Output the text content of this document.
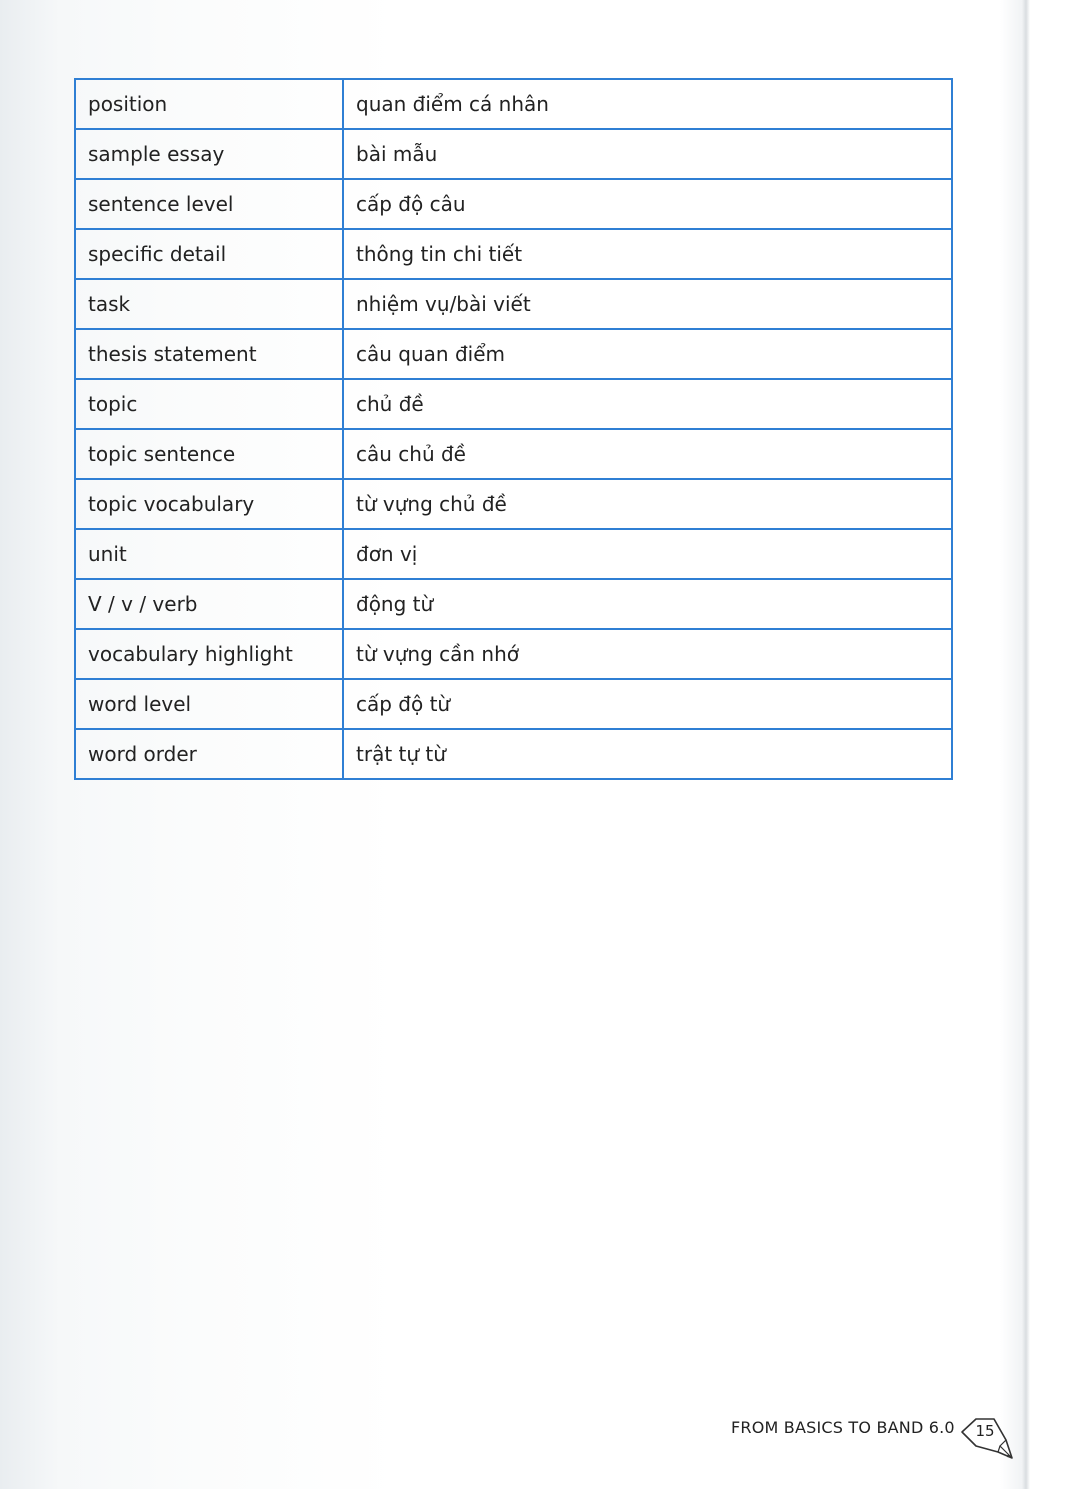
position	quan điểm cá nhân
sample essay	bài mẫu
sentence level	cấp độ câu
specific detail	thông tin chi tiết
task	nhiệm vụ/bài viết
thesis statement	câu quan điểm
topic	chủ đề
topic sentence	câu chủ đề
topic vocabulary	từ vựng chủ đề
unit	đơn vị
V / v / verb	động từ
vocabulary highlight	từ vựng cần nhớ
word level	cấp độ từ
word order	trật tự từ
FROM BASICS TO BAND 6.0 15
